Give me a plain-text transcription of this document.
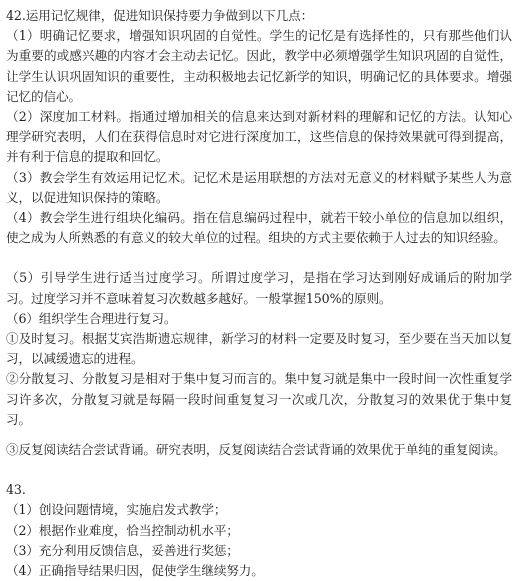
42.运用记忆规律，促进知识保持要力争做到以下几点：

（1）明确记忆要求，增强知识巩固的自觉性。学生的记忆是有选择性的，只有那些他们认为重要的或感兴趣的内容才会主动去记忆。因此，教学中必须增强学生知识巩固的自觉性，让学生认识巩固知识的重要性，主动积极地去记忆新学的知识，明确记忆的具体要求。增强记忆的信心。

（2）深度加工材料。指通过增加相关的信息来达到对新材料的理解和记忆的方法。认知心理学研究表明，人们在获得信息时对它进行深度加工，这些信息的保持效果就可得到提高，并有利于信息的提取和回忆。

（3）教会学生有效运用记忆术。记忆术是运用联想的方法对无意义的材料赋予某些人为意义，以促进知识保持的策略。

（4）教会学生进行组块化编码。指在信息编码过程中，就若干较小单位的信息加以组织，使之成为人所熟悉的有意义的较大单位的过程。组块的方式主要依赖于人过去的知识经验。

（5）引导学生进行适当过度学习。所谓过度学习，是指在学习达到刚好成诵后的附加学习。过度学习并不意味着复习次数越多越好。一般掌握150%的原则。

（6）组织学生合理进行复习。

①及时复习。根据艾宾浩斯遗忘规律，新学习的材料一定要及时复习，至少要在当天加以复习，以减缓遗忘的进程。

②分散复习、分散复习是相对于集中复习而言的。集中复习就是集中一段时间一次性重复学习许多次，分散复习就是每隔一段时间重复复习一次或几次，分散复习的效果优于集中复习。

③反复阅读结合尝试背诵。研究表明，反复阅读结合尝试背诵的效果优于单纯的重复阅读。

43.

（1）创设问题情境，实施启发式教学；

（2）根据作业难度，恰当控制动机水平；

（3）充分利用反馈信息，妥善进行奖惩；

（4）正确指导结果归因，促使学生继续努力。
